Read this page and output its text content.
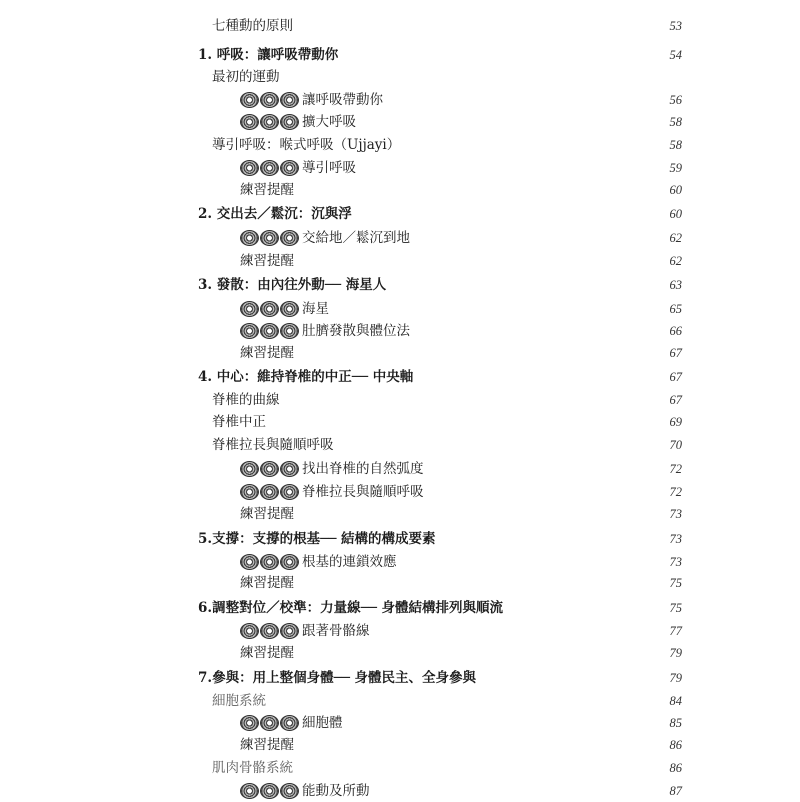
七種動的原則	53
1. 呼吸：讓呼吸帶動你	54
最初的運動
讓呼吸帶動你	56
擴大呼吸	58
導引呼吸：喉式呼吸（Ujjayi）	58
導引呼吸	59
練習提醒	60
2. 交出去／鬆沉：沉與浮	60
交給地／鬆沉到地	62
練習提醒	62
3. 發散：由內往外動── 海星人	63
海星	65
肚臍發散與體位法	66
練習提醒	67
4. 中心：維持脊椎的中正── 中央軸	67
脊椎的曲線	67
脊椎中正	69
脊椎拉長與隨順呼吸	70
找出脊椎的自然弧度	72
脊椎拉長與隨順呼吸	72
練習提醒	73
5.支撐：支撐的根基── 結構的構成要素	73
根基的連鎖效應	73
練習提醒	75
6.調整對位／校準：力量線── 身體結構排列與順流	75
跟著骨骼線	77
練習提醒	79
7.參與：用上整個身體── 身體民主、全身參與	79
細胞系統	84
細胞體	85
練習提醒	86
肌肉骨骼系統	86
能動及所動	87
